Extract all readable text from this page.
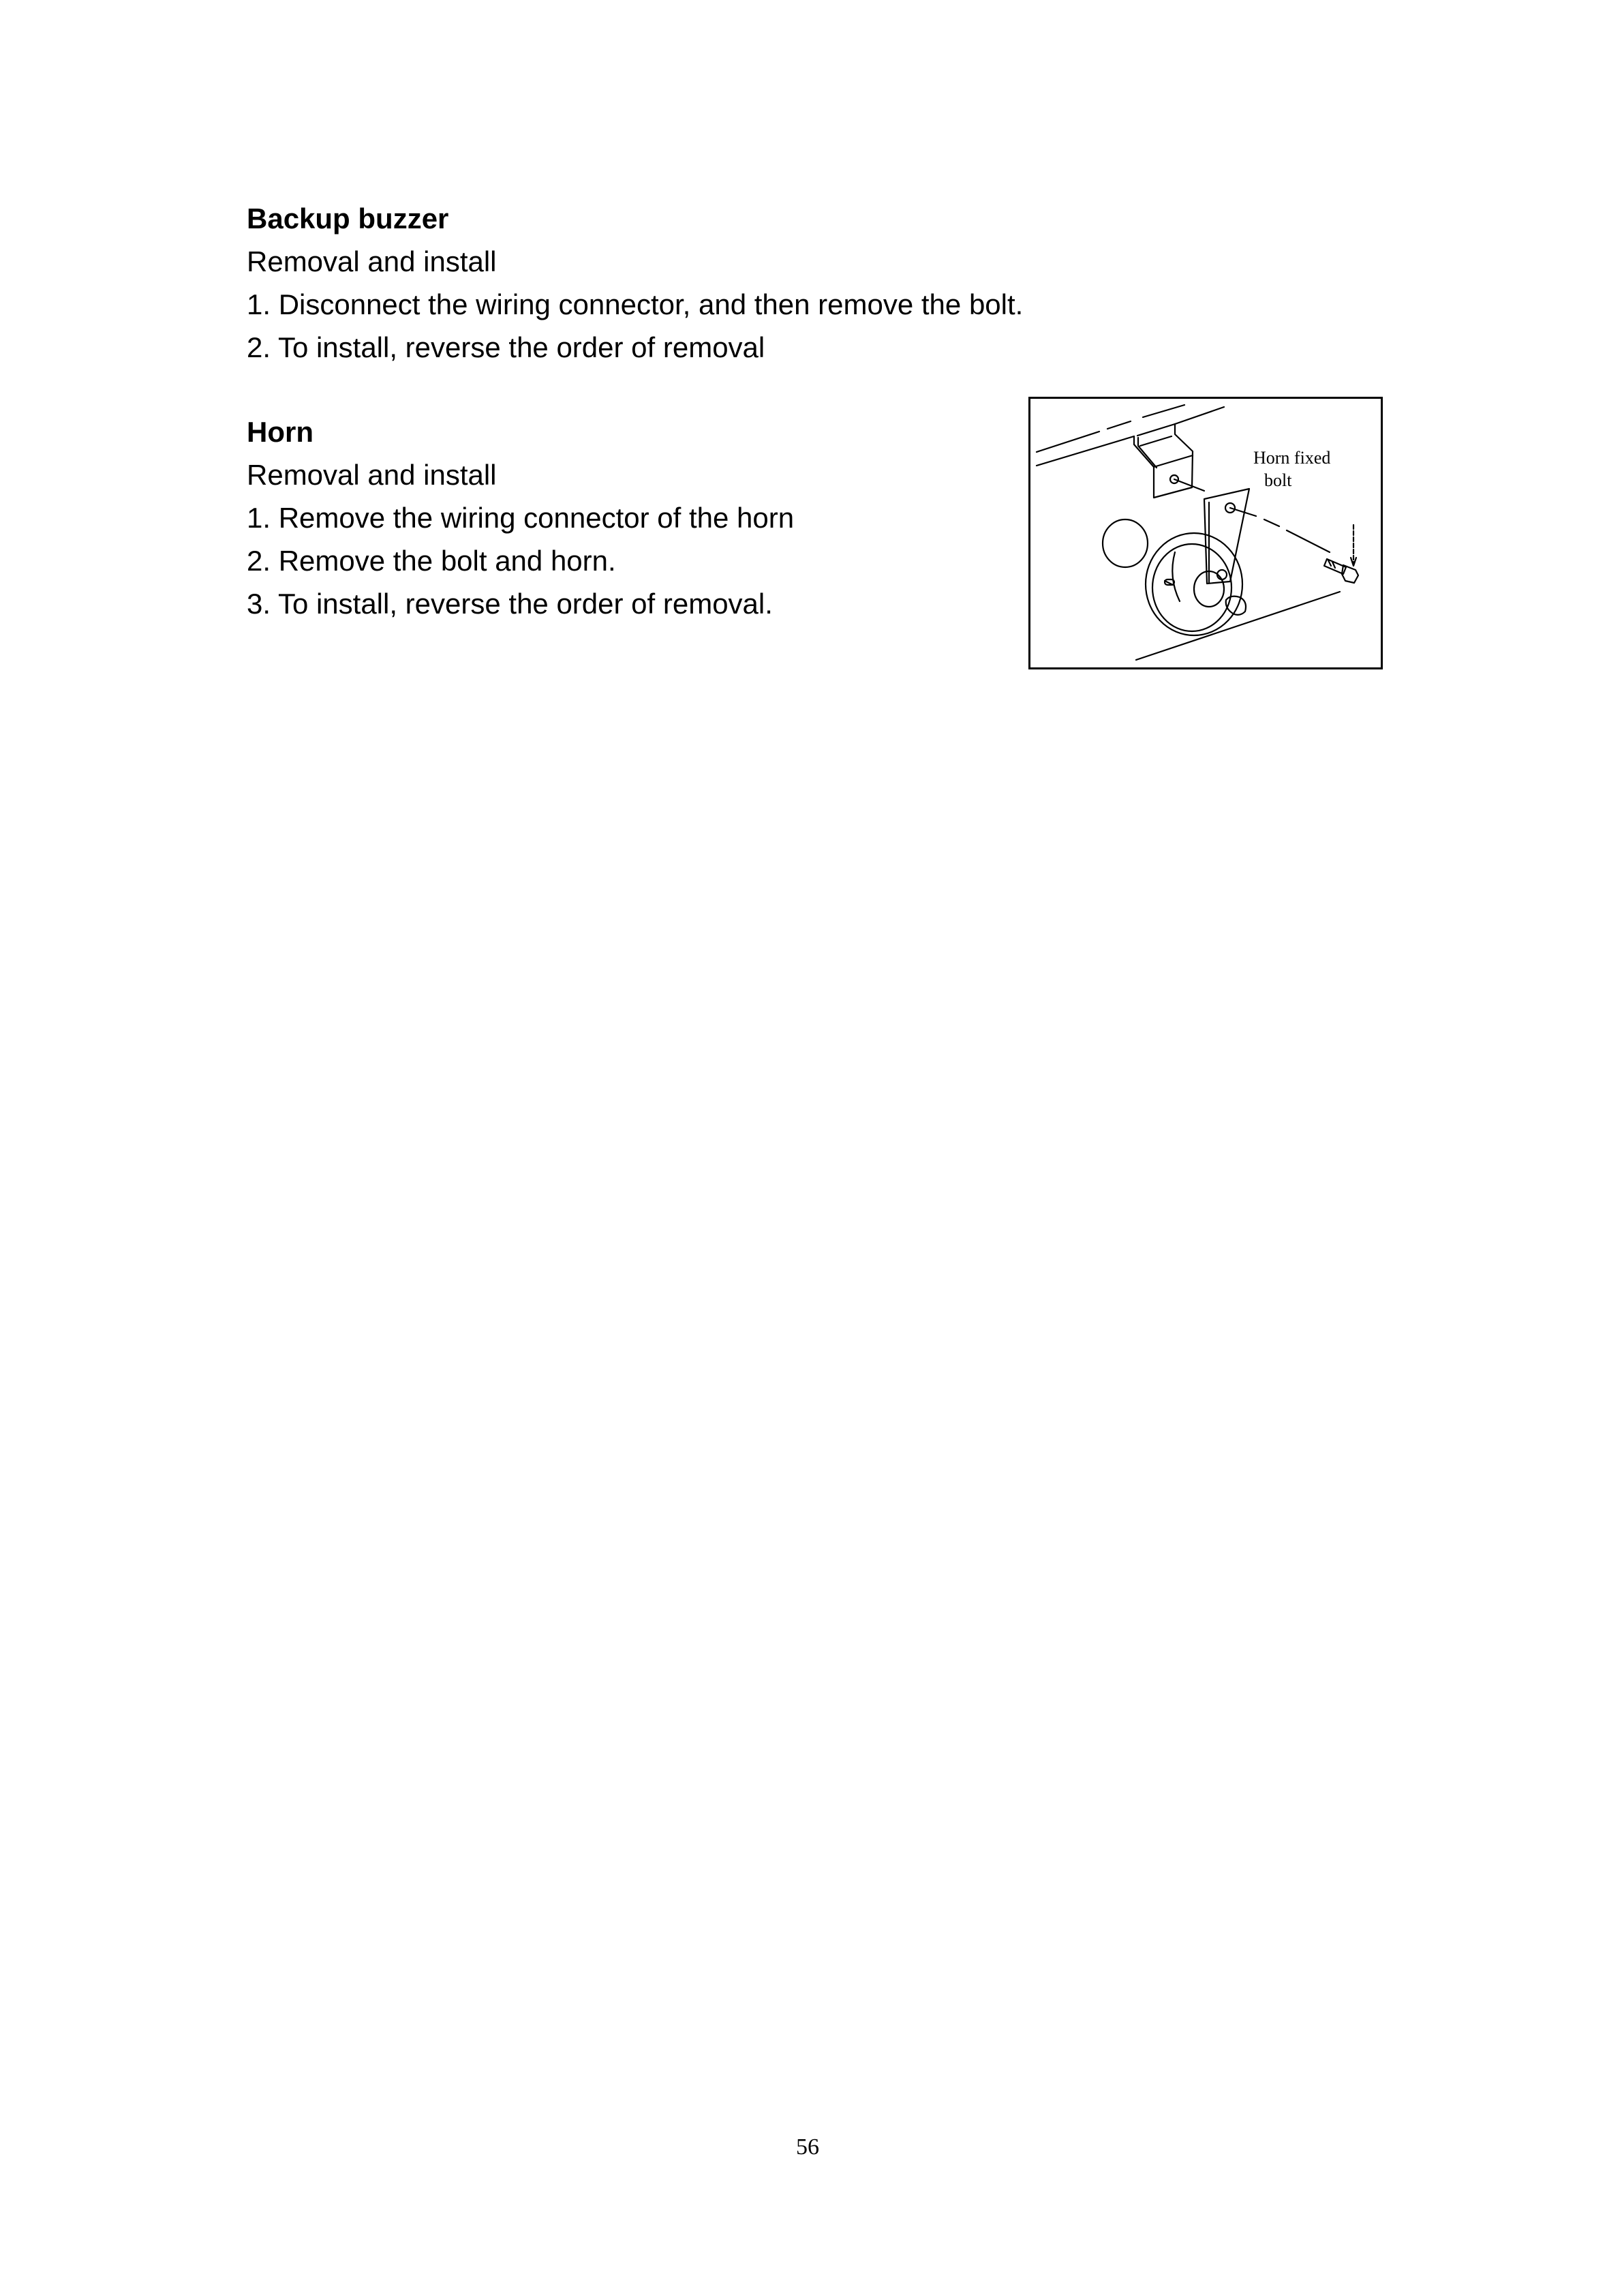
Backup buzzer
Removal and install
1. Disconnect the wiring connector, and then remove the bolt.
2. To install, reverse the order of removal
Horn
Removal and install
1. Remove the wiring connector of the horn
2. Remove the bolt and horn.
3. To install, reverse the order of removal.
Horn fixed
bolt
56
